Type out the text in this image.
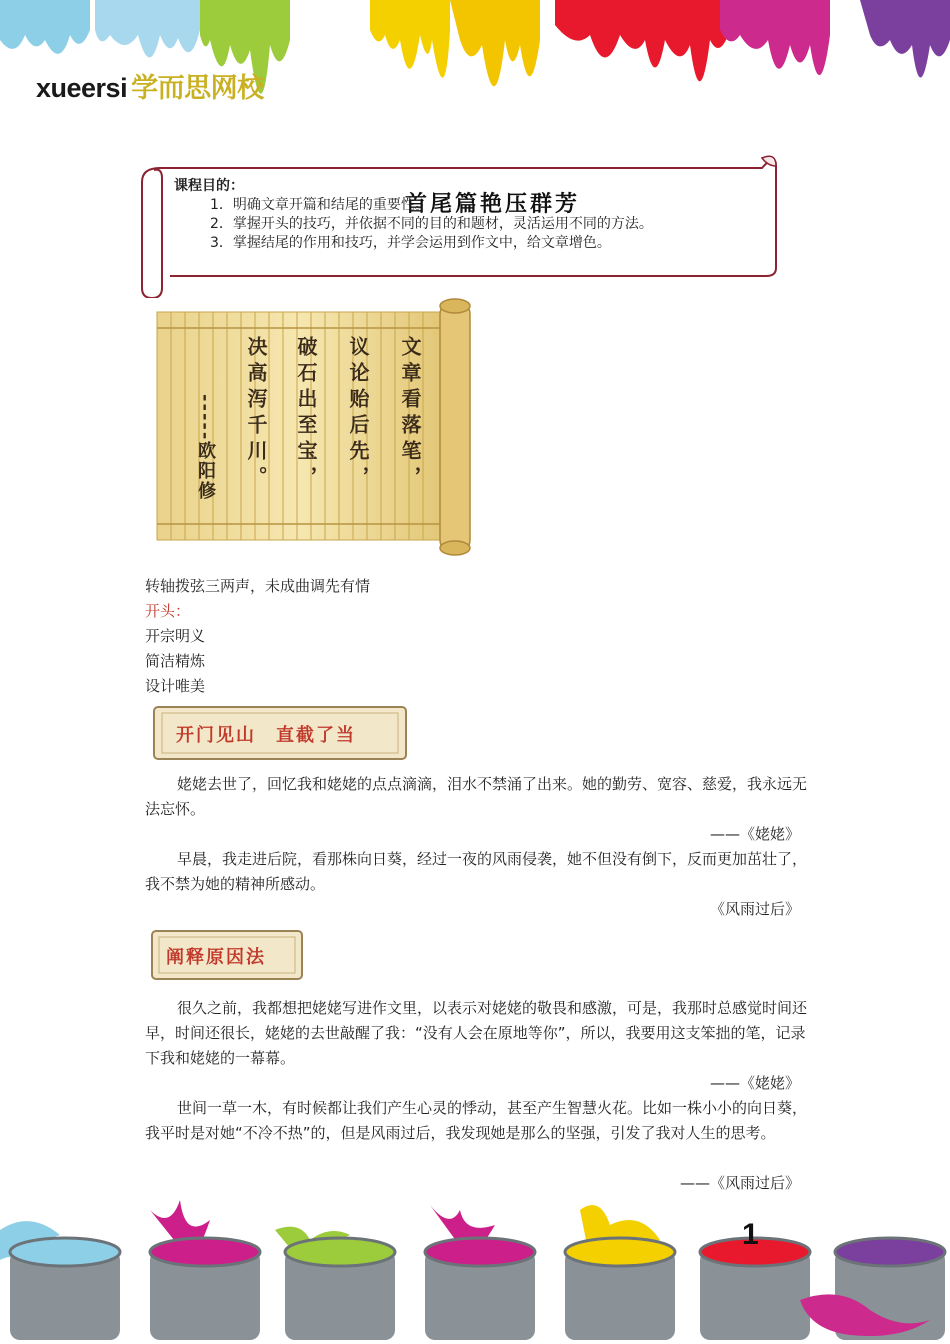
xueersi 学而思网校
首尾篇艳压群芳
课程目的：
1．明确文章开篇和结尾的重要性。
2．掌握开头的技巧，并依据不同的目的和题材，灵活运用不同的方法。
3．掌握结尾的作用和技巧，并学会运用到作文中，给文章增色。
文章看落笔，
议论贻后先，
破石出至宝，
决高泻千川。
-----欧阳修
转轴拨弦三两声，未成曲调先有情
开头：
开宗明义
简洁精炼
设计唯美
开门见山　直截了当

姥姥去世了，回忆我和姥姥的点点滴滴，泪水不禁涌了出来。她的勤劳、宽容、慈爱，我永远无法忘怀。

——《姥姥》

早晨，我走进后院，看那株向日葵，经过一夜的风雨侵袭，她不但没有倒下，反而更加茁壮了，我不禁为她的精神所感动。

《风雨过后》
阐释原因法

很久之前，我都想把姥姥写进作文里，以表示对姥姥的敬畏和感激，可是，我那时总感觉时间还早，时间还很长，姥姥的去世敲醒了我：“没有人会在原地等你”，所以，我要用这支笨拙的笔，记录下我和姥姥的一幕幕。

——《姥姥》

世间一草一木，有时候都让我们产生心灵的悸动，甚至产生智慧火花。比如一株小小的向日葵，我平时是对她“不冷不热”的，但是风雨过后，我发现她是那么的坚强，引发了我对人生的思考。

——《风雨过后》
1
